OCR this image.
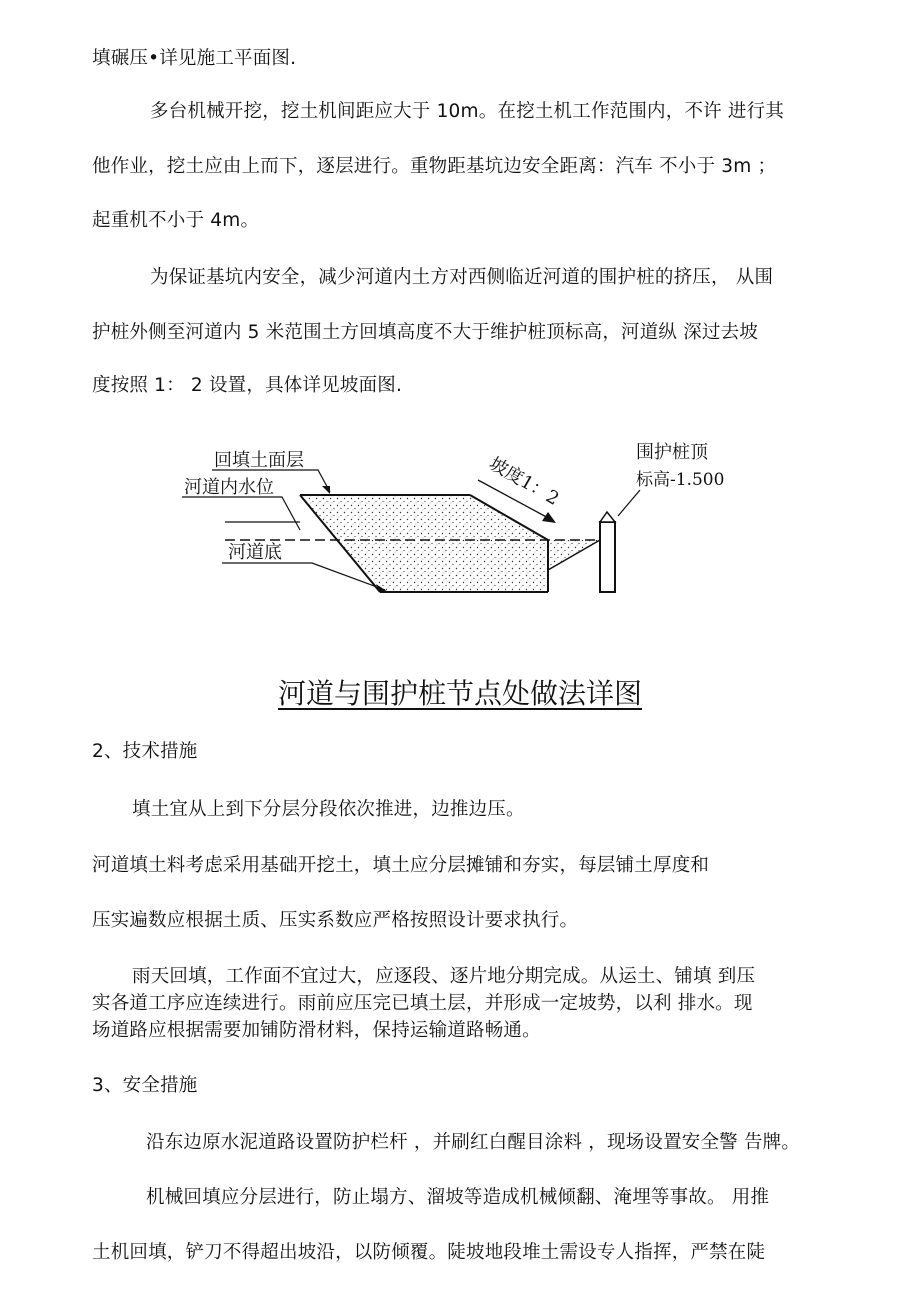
填碾压•详见施工平面图.
多台机械开挖，挖土机间距应大于 10m。在挖土机工作范围内，不许 进行其
他作业，挖土应由上而下，逐层进行。重物距基坑边安全距离：汽车 不小于 3m ；
起重机不小于 4m。
为保证基坑内安全，减少河道内土方对西侧临近河道的围护桩的挤压， 从围
护桩外侧至河道内 5 米范围土方回填高度不大于维护桩顶标高，河道纵 深过去坡
度按照 1： 2 设置，具体详见坡面图.
回填土面层
河道内水位
河道底
坡度1：2
围护桩顶
标高-1.500
河道与围护桩节点处做法详图
2、技术措施
填土宜从上到下分层分段依次推进，边推边压。
河道填土料考虑采用基础开挖土，填土应分层摊铺和夯实，每层铺土厚度和
压实遍数应根据土质、压实系数应严格按照设计要求执行。
雨天回填，工作面不宜过大，应逐段、逐片地分期完成。从运土、铺填 到压
实各道工序应连续进行。雨前应压完已填土层，并形成一定坡势，以利 排水。现
场道路应根据需要加铺防滑材料，保持运输道路畅通。
3、安全措施
沿东边原水泥道路设置防护栏杆 ，并刷红白醒目涂料 ，现场设置安全警 告牌。
机械回填应分层进行，防止塌方、溜坡等造成机械倾翻、淹埋等事故。 用推
土机回填，铲刀不得超出坡沿，以防倾覆。陡坡地段堆土需设专人指挥，严禁在陡
